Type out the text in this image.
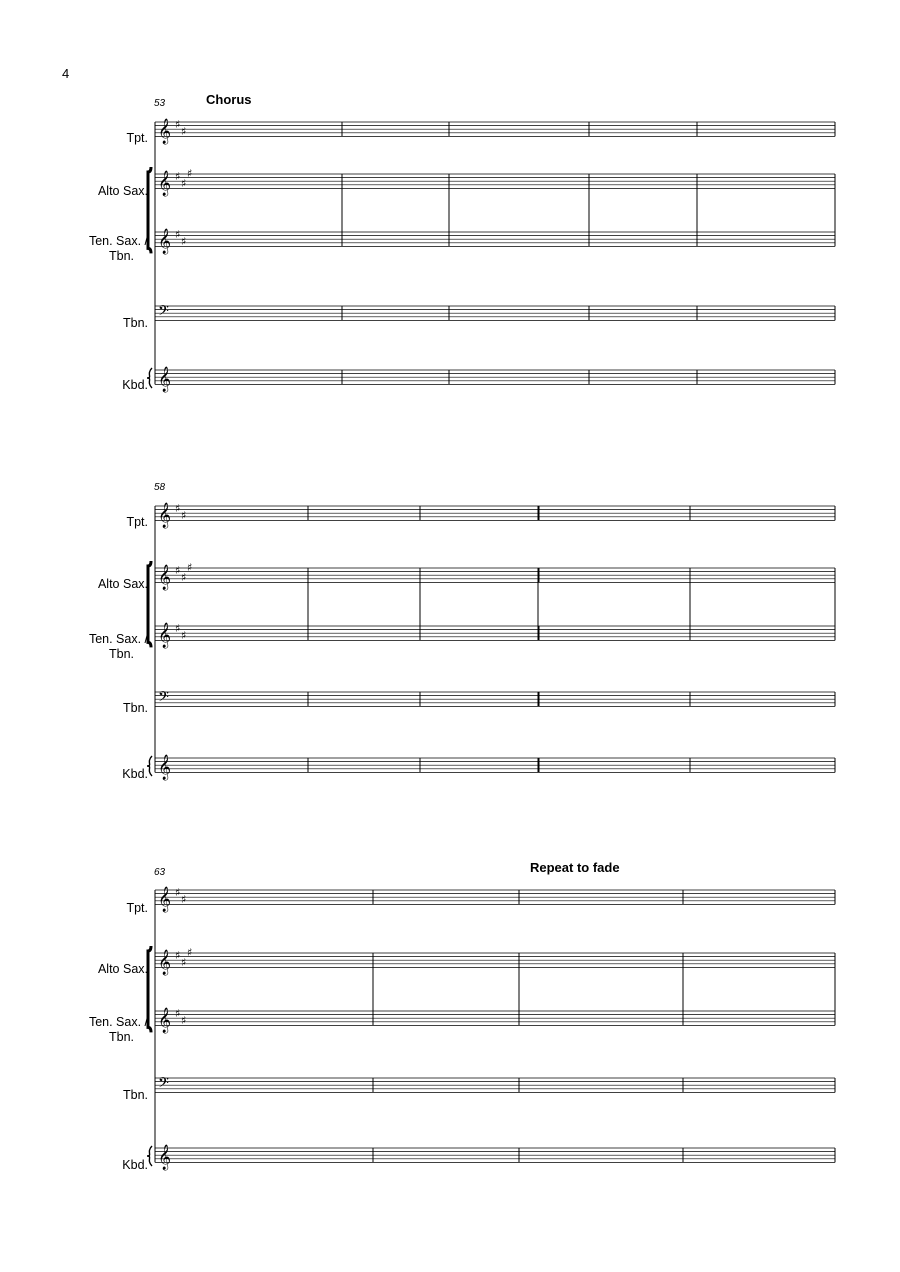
4
53	Chorus
Tpt.
Alto Sax.
Ten. Sax. /
Tbn.
Tbn.
Kbd.
𝄞 ♯
♯
𝄞 ♯
♯
♯
𝄞 ♯
♯
𝄢
𝄞
58
Tpt.
Alto Sax.
Ten. Sax. /
Tbn.
Tbn.
Kbd.
𝄞 ♯
♯
𝄞 ♯
♯
♯
𝄞 ♯
♯
𝄢
𝄞
63	Repeat to fade
Tpt.
Alto Sax.
Ten. Sax. /
Tbn.
Tbn.
Kbd.
𝄞 ♯
♯
𝄞 ♯
♯
♯
𝄞 ♯
♯
𝄢
𝄞
